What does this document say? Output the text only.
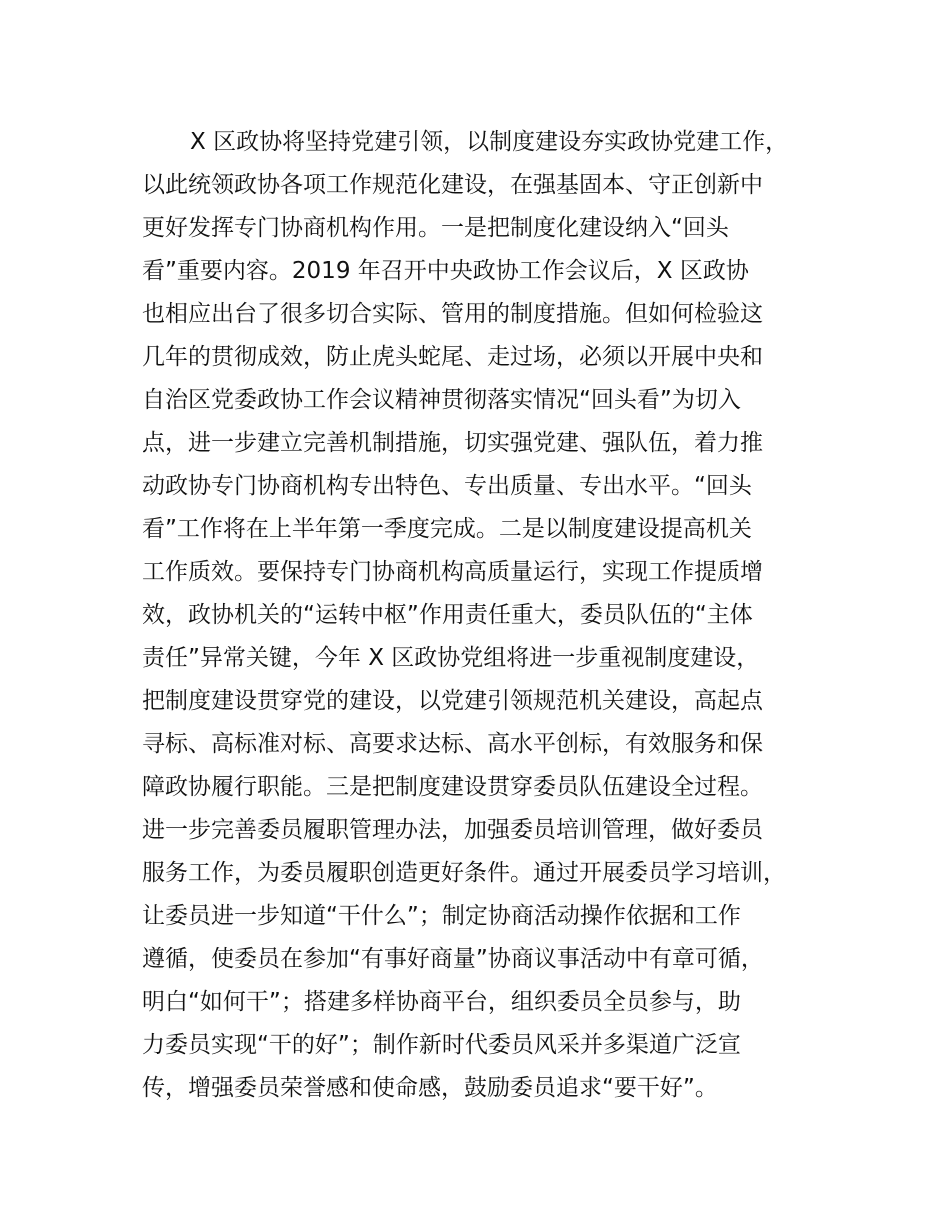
X 区政协将坚持党建引领，以制度建设夯实政协党建工作，
以此统领政协各项工作规范化建设，在强基固本、守正创新中
更好发挥专门协商机构作用。一是把制度化建设纳入“回头
看”重要内容。2019 年召开中央政协工作会议后，X 区政协
也相应出台了很多切合实际、管用的制度措施。但如何检验这
几年的贯彻成效，防止虎头蛇尾、走过场，必须以开展中央和
自治区党委政协工作会议精神贯彻落实情况“回头看”为切入
点，进一步建立完善机制措施，切实强党建、强队伍，着力推
动政协专门协商机构专出特色、专出质量、专出水平。“回头
看”工作将在上半年第一季度完成。二是以制度建设提高机关
工作质效。要保持专门协商机构高质量运行，实现工作提质增
效，政协机关的“运转中枢”作用责任重大，委员队伍的“主体
责任”异常关键，今年 X 区政协党组将进一步重视制度建设，
把制度建设贯穿党的建设，以党建引领规范机关建设，高起点
寻标、高标准对标、高要求达标、高水平创标，有效服务和保
障政协履行职能。三是把制度建设贯穿委员队伍建设全过程。
进一步完善委员履职管理办法，加强委员培训管理，做好委员
服务工作，为委员履职创造更好条件。通过开展委员学习培训，
让委员进一步知道“干什么”；制定协商活动操作依据和工作
遵循，使委员在参加“有事好商量”协商议事活动中有章可循，
明白“如何干”；搭建多样协商平台，组织委员全员参与，助
力委员实现“干的好”；制作新时代委员风采并多渠道广泛宣
传，增强委员荣誉感和使命感，鼓励委员追求“要干好”。
